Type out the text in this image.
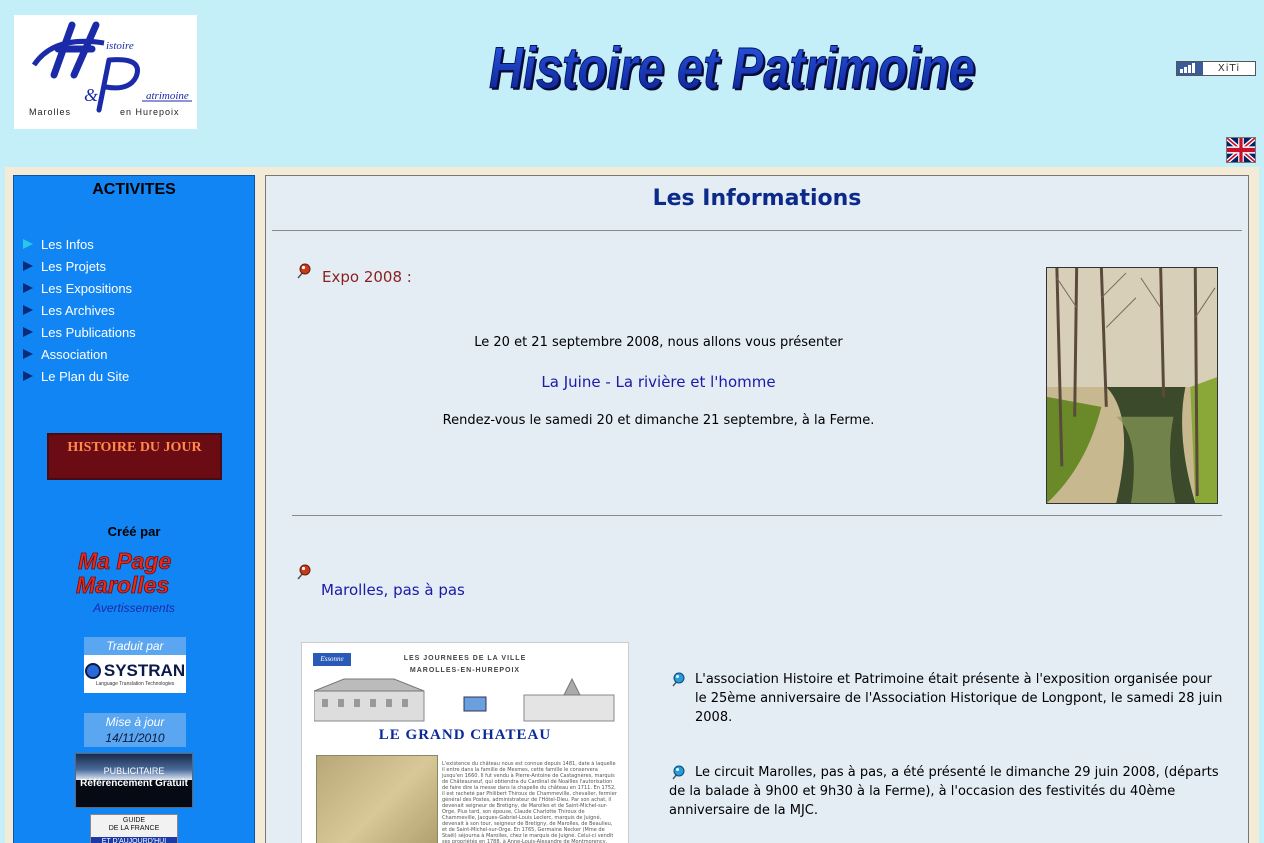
istoire
&	atrimoine
Marolles	en Hurepoix
Histoire et Patrimoine
Histoire et Patrimoine	XiTi
ACTIVITES
Les Infos
Les Projets
Les Expositions
Les Archives
Les Publications
Association
Le Plan du Site
HISTOIRE DU JOUR
Créé par
Ma Page
Marolles
Avertissements
Traduit par
SYSTRAN
Language Translation Technologies
Mise à jour
14/11/2010
PUBLICITAIRE
Référencement Gratuit
GUIDE
DE LA FRANCE
ET D'AUJOURD'HUI
Les Informations
Expo 2008 :
Le 20 et 21 septembre 2008, nous allons vous présenter
La Juine - La rivière et l'homme
Rendez-vous le samedi 20 et dimanche 21 septembre, à la Ferme.
Marolles, pas à pas
Essonne	LES JOURNEES DE LA VILLE
MAROLLES-EN-HUREPOIX
LE GRAND CHATEAU
L'existence du château nous est connue depuis 1481, date à laquelle il entre dans la famille de Mesmes, cette famille le conservera jusqu'en 1660. Il fut vendu à Pierre-Antoine de Castagnères, marquis de Châteauneuf, qui obtiendra du Cardinal de Noailles l'autorisation de faire dire la messe dans la chapelle du château en 1711. En 1752, il est racheté par Philibert Thiroux de Chammeville, chevalier, fermier général des Postes, administrateur de l'Hôtel-Dieu. Par son achat, il devenait seigneur de Bretigny, de Marolles et de Saint-Michel-sur-Orge. Plus tard, son épouse, Claude Charlotte Thiroux de Chammeville, Jacques-Gabriel-Louis Leclerc, marquis de Juigné, devenait à son tour, seigneur de Bretigny, de Marolles, de Beaulieu, et de Saint-Michel-sur-Orge. En 1765, Germaine Necker (Mme de Staël) séjourna à Marolles, chez le marquis de Juigné. Celui-ci vendit ses propriétés en 1788, à Anne-Louis-Alexandre de Montmorency,
L'association Histoire et Patrimoine était présente à l'exposition organisée pour le 25ème anniversaire de l'Association Historique de Longpont, le samedi 28 juin 2008.
Le circuit Marolles, pas à pas, a été présenté le dimanche 29 juin 2008, (départs de la balade à 9h00 et 9h30 à la Ferme), à l'occasion des festivités du 40ème anniversaire de la MJC.
